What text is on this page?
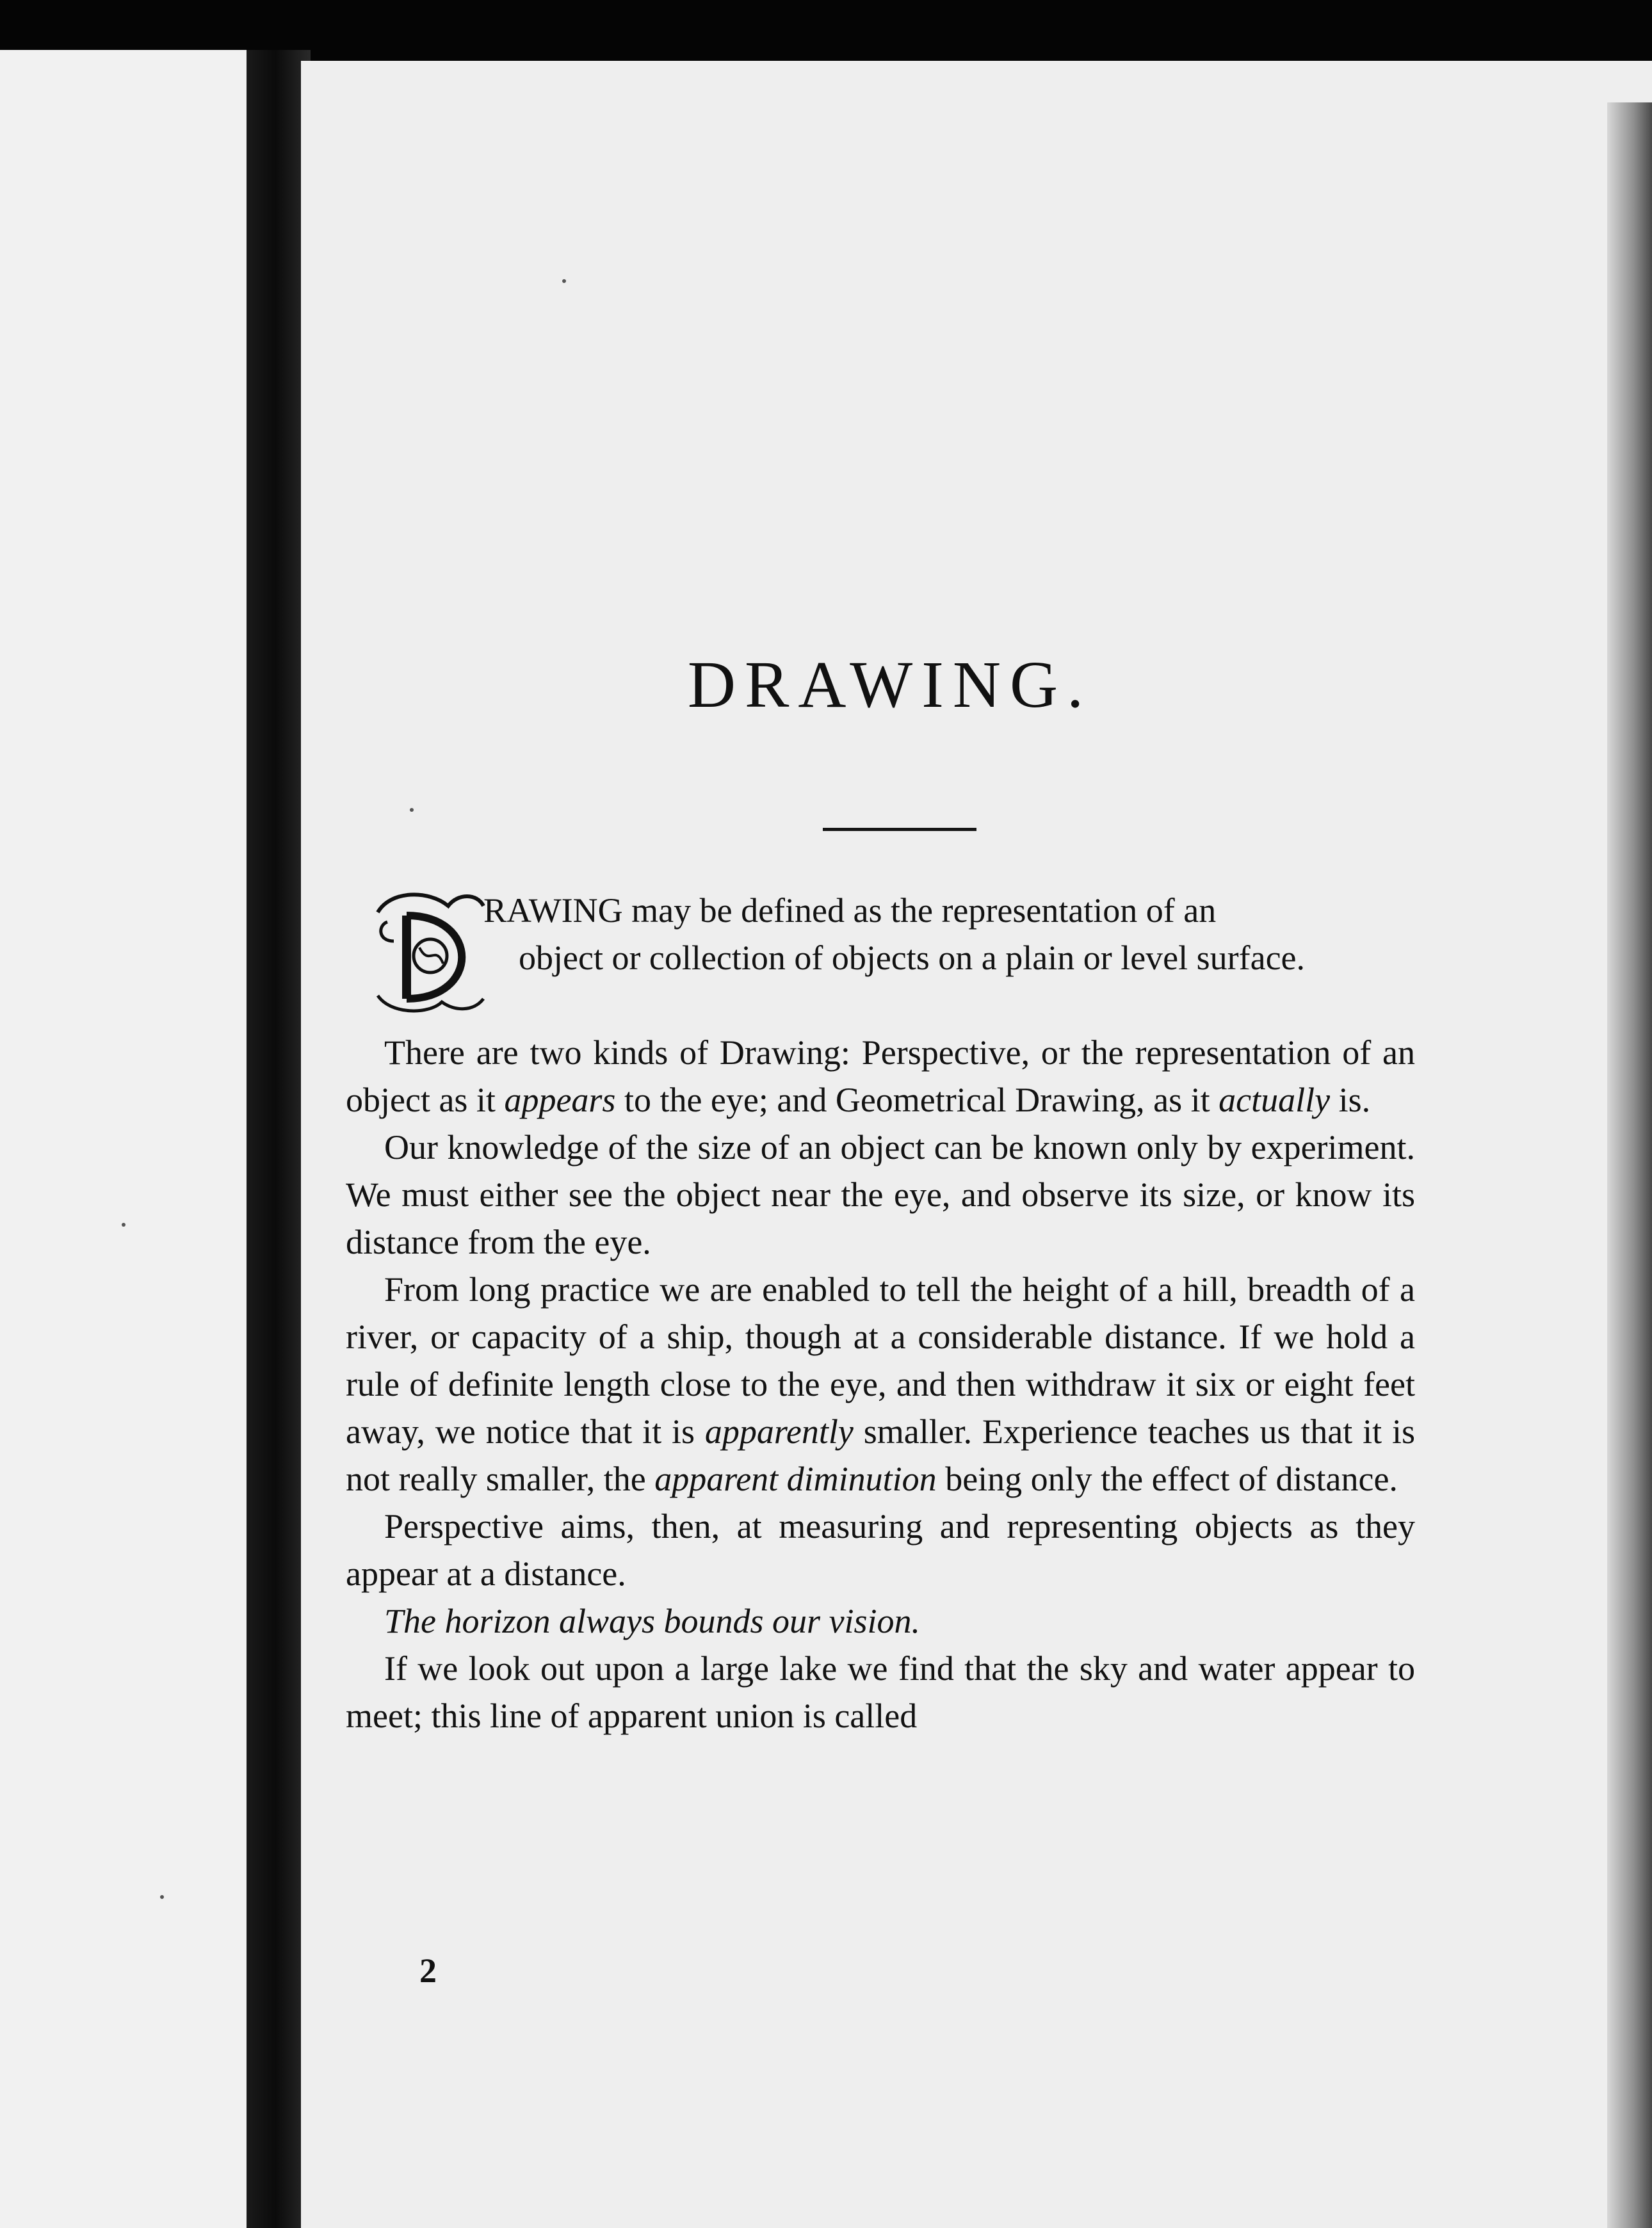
DRAWING.
RAWING may be defined as the representation of an
object or collection of objects on a plain or level surface.

There are two kinds of Drawing: Perspective, or the representation of an object as it appears to the eye; and Geometrical Drawing, as it actually is.

Our knowledge of the size of an object can be known only by experiment. We must either see the object near the eye, and observe its size, or know its distance from the eye.

From long practice we are enabled to tell the height of a hill, breadth of a river, or capacity of a ship, though at a considerable distance. If we hold a rule of definite length close to the eye, and then withdraw it six or eight feet away, we notice that it is apparently smaller. Experience teaches us that it is not really smaller, the apparent diminution being only the effect of distance.

Perspective aims, then, at measuring and representing objects as they appear at a distance.

The horizon always bounds our vision.

If we look out upon a large lake we find that the sky and water appear to meet; this line of apparent union is called

2
